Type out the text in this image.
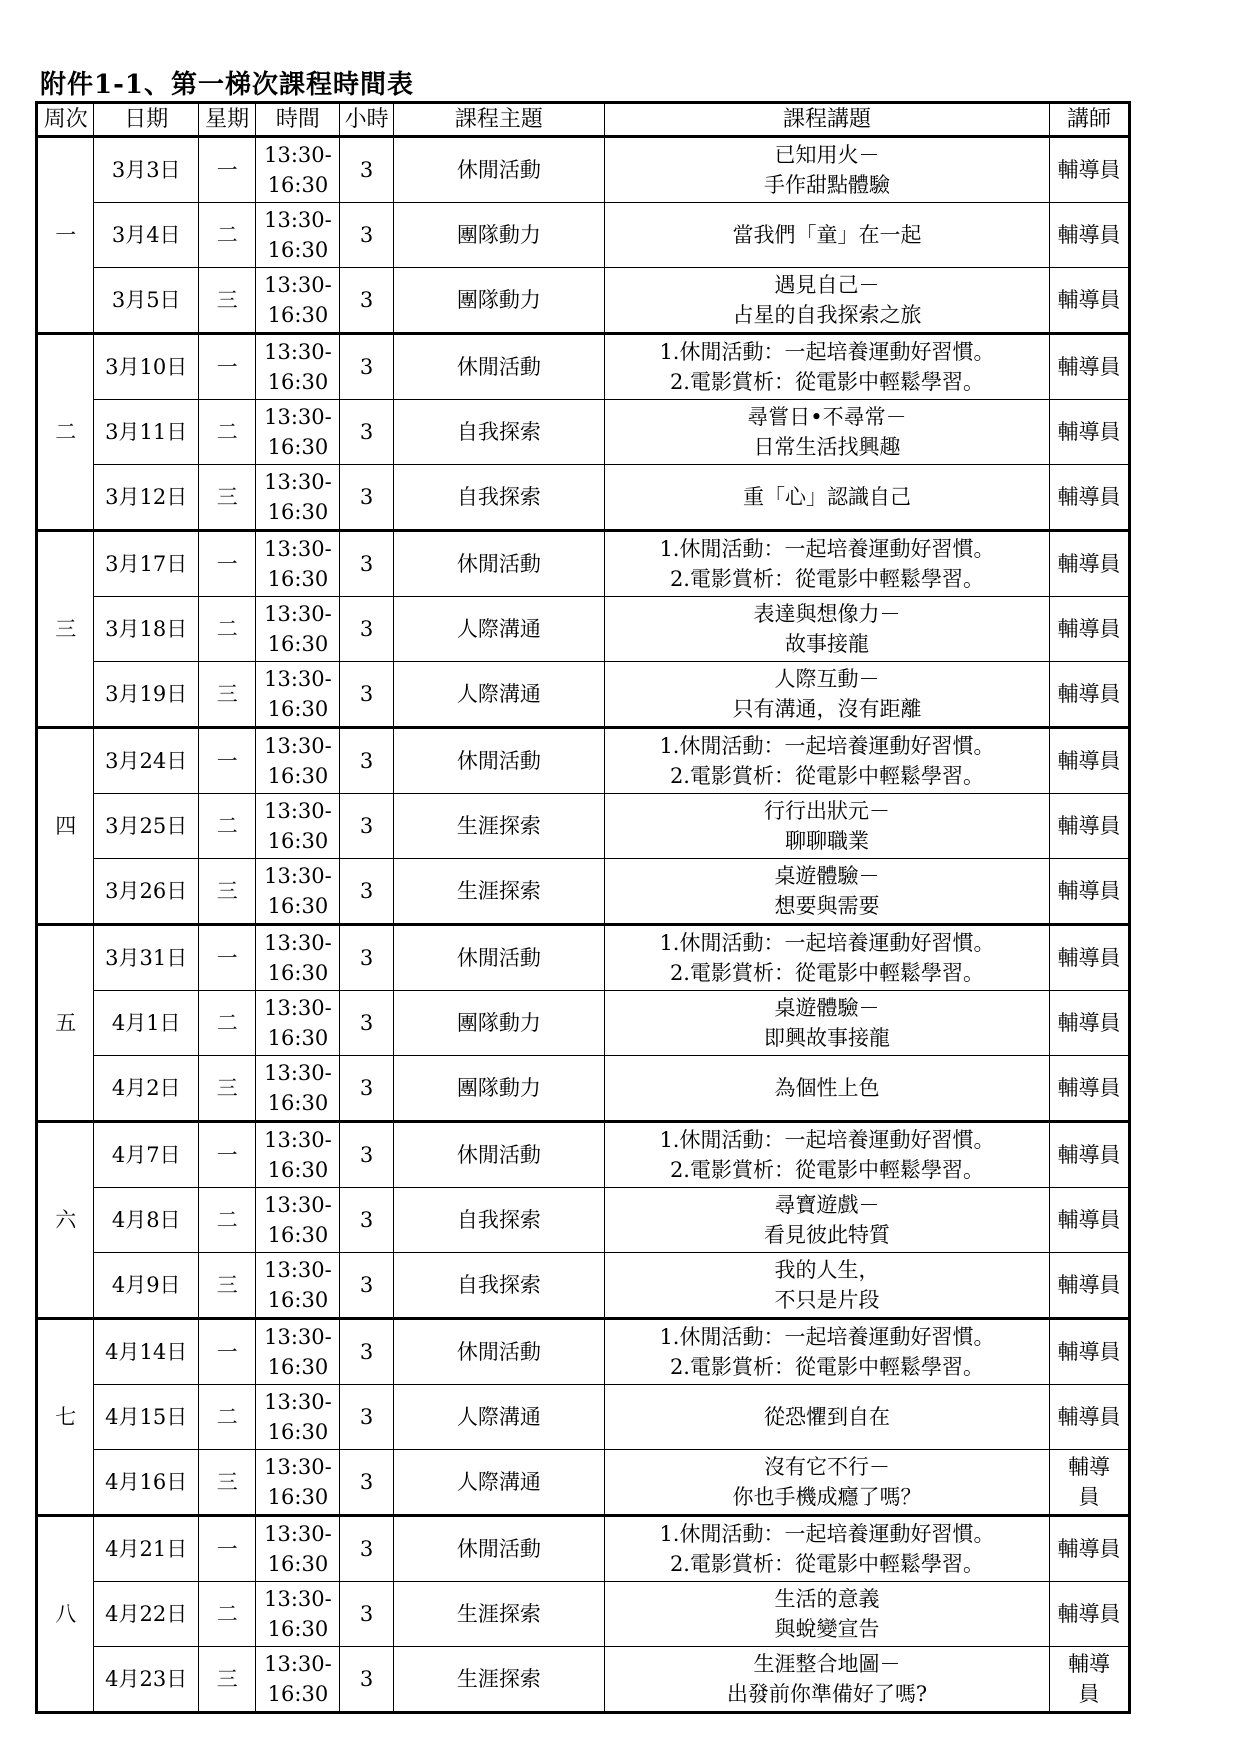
附件1-1、第一梯次課程時間表
周次	日期	星期	時間	小時	課程主題	課程講題	講師
一	3月3日	一	13:30-
16:30	3	休閒活動	已知用火－
手作甜點體驗	輔導員

	3月4日	二	13:30-
16:30	3	團隊動力	當我們「童」在一起	輔導員

	3月5日	三	13:30-
16:30	3	團隊動力	遇見自己－
占星的自我探索之旅	輔導員

二	3月10日	一	13:30-
16:30	3	休閒活動	1.休閒活動：一起培養運動好習慣。
2.電影賞析：從電影中輕鬆學習。	輔導員

	3月11日	二	13:30-
16:30	3	自我探索	尋嘗日•不尋常－
日常生活找興趣	輔導員

	3月12日	三	13:30-
16:30	3	自我探索	重「心」認識自己	輔導員

三	3月17日	一	13:30-
16:30	3	休閒活動	1.休閒活動：一起培養運動好習慣。
2.電影賞析：從電影中輕鬆學習。	輔導員

	3月18日	二	13:30-
16:30	3	人際溝通	表達與想像力－
故事接龍	輔導員

	3月19日	三	13:30-
16:30	3	人際溝通	人際互動－
只有溝通，沒有距離	輔導員

四	3月24日	一	13:30-
16:30	3	休閒活動	1.休閒活動：一起培養運動好習慣。
2.電影賞析：從電影中輕鬆學習。	輔導員

	3月25日	二	13:30-
16:30	3	生涯探索	行行出狀元－
聊聊職業	輔導員

	3月26日	三	13:30-
16:30	3	生涯探索	桌遊體驗－
想要與需要	輔導員

五	3月31日	一	13:30-
16:30	3	休閒活動	1.休閒活動：一起培養運動好習慣。
2.電影賞析：從電影中輕鬆學習。	輔導員

	4月1日	二	13:30-
16:30	3	團隊動力	桌遊體驗－
即興故事接龍	輔導員

	4月2日	三	13:30-
16:30	3	團隊動力	為個性上色	輔導員

六	4月7日	一	13:30-
16:30	3	休閒活動	1.休閒活動：一起培養運動好習慣。
2.電影賞析：從電影中輕鬆學習。	輔導員

	4月8日	二	13:30-
16:30	3	自我探索	尋寶遊戲－
看見彼此特質	輔導員

	4月9日	三	13:30-
16:30	3	自我探索	我的人生，
不只是片段	輔導員

七	4月14日	一	13:30-
16:30	3	休閒活動	1.休閒活動：一起培養運動好習慣。
2.電影賞析：從電影中輕鬆學習。	輔導員

	4月15日	二	13:30-
16:30	3	人際溝通	從恐懼到自在	輔導員

	4月16日	三	13:30-
16:30	3	人際溝通	沒有它不行－
你也手機成癮了嗎？	輔導
員

八	4月21日	一	13:30-
16:30	3	休閒活動	1.休閒活動：一起培養運動好習慣。
2.電影賞析：從電影中輕鬆學習。	輔導員

	4月22日	二	13:30-
16:30	3	生涯探索	生活的意義
與蛻變宣告	輔導員

	4月23日	三	13:30-
16:30	3	生涯探索	生涯整合地圖－
出發前你準備好了嗎?	輔導
員
